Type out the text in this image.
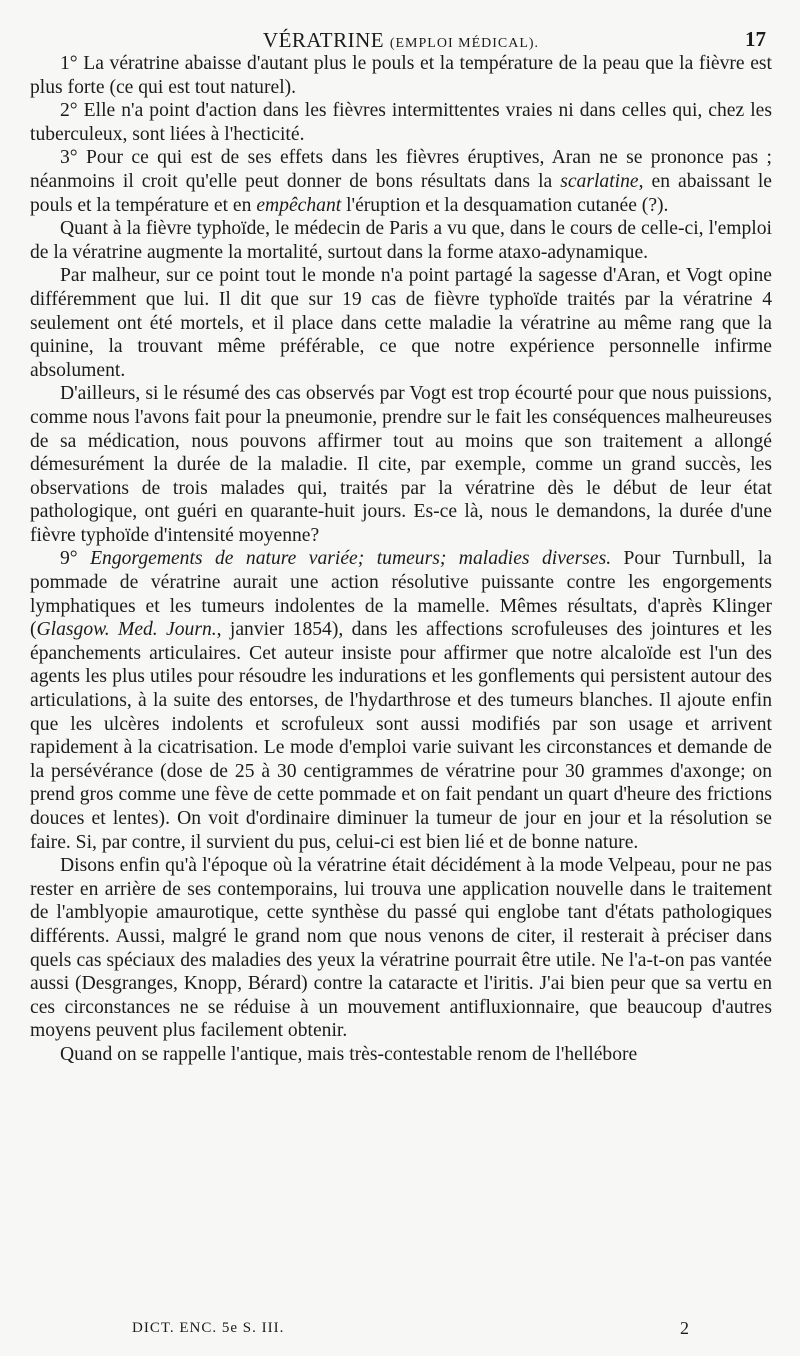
VÉRATRINE (EMPLOI MÉDICAL).	17

1° La vératrine abaisse d'autant plus le pouls et la température de la peau que la fièvre est plus forte (ce qui est tout naturel).

2° Elle n'a point d'action dans les fièvres intermittentes vraies ni dans celles qui, chez les tuberculeux, sont liées à l'hecticité.

3° Pour ce qui est de ses effets dans les fièvres éruptives, Aran ne se prononce pas ; néanmoins il croit qu'elle peut donner de bons résultats dans la scarlatine, en abaissant le pouls et la température et en empêchant l'éruption et la desquamation cutanée (?).

Quant à la fièvre typhoïde, le médecin de Paris a vu que, dans le cours de celle-ci, l'emploi de la vératrine augmente la mortalité, surtout dans la forme ataxo-adynamique.

Par malheur, sur ce point tout le monde n'a point partagé la sagesse d'Aran, et Vogt opine différemment que lui. Il dit que sur 19 cas de fièvre typhoïde traités par la vératrine 4 seulement ont été mortels, et il place dans cette maladie la vératrine au même rang que la quinine, la trouvant même préférable, ce que notre expérience personnelle infirme absolument.

D'ailleurs, si le résumé des cas observés par Vogt est trop écourté pour que nous puissions, comme nous l'avons fait pour la pneumonie, prendre sur le fait les conséquences malheureuses de sa médication, nous pouvons affirmer tout au moins que son traitement a allongé démesurément la durée de la maladie. Il cite, par exemple, comme un grand succès, les observations de trois malades qui, traités par la vératrine dès le début de leur état pathologique, ont guéri en quarante-huit jours. Es-ce là, nous le demandons, la durée d'une fièvre typhoïde d'intensité moyenne?

9° Engorgements de nature variée; tumeurs; maladies diverses. Pour Turnbull, la pommade de vératrine aurait une action résolutive puissante contre les engorgements lymphatiques et les tumeurs indolentes de la mamelle. Mêmes résultats, d'après Klinger (Glasgow. Med. Journ., janvier 1854), dans les affections scrofuleuses des jointures et les épanchements articulaires. Cet auteur insiste pour affirmer que notre alcaloïde est l'un des agents les plus utiles pour résoudre les indurations et les gonflements qui persistent autour des articulations, à la suite des entorses, de l'hydarthrose et des tumeurs blanches. Il ajoute enfin que les ulcères indolents et scrofuleux sont aussi modifiés par son usage et arrivent rapidement à la cicatrisation. Le mode d'emploi varie suivant les circonstances et demande de la persévérance (dose de 25 à 30 centigrammes de vératrine pour 30 grammes d'axonge; on prend gros comme une fève de cette pommade et on fait pendant un quart d'heure des frictions douces et lentes). On voit d'ordinaire diminuer la tumeur de jour en jour et la résolution se faire. Si, par contre, il survient du pus, celui-ci est bien lié et de bonne nature.

Disons enfin qu'à l'époque où la vératrine était décidément à la mode Velpeau, pour ne pas rester en arrière de ses contemporains, lui trouva une application nouvelle dans le traitement de l'amblyopie amaurotique, cette synthèse du passé qui englobe tant d'états pathologiques différents. Aussi, malgré le grand nom que nous venons de citer, il resterait à préciser dans quels cas spéciaux des maladies des yeux la vératrine pourrait être utile. Ne l'a-t-on pas vantée aussi (Desgranges, Knopp, Bérard) contre la cataracte et l'iritis. J'ai bien peur que sa vertu en ces circonstances ne se réduise à un mouvement antifluxionnaire, que beaucoup d'autres moyens peuvent plus facilement obtenir.

Quand on se rappelle l'antique, mais très-contestable renom de l'hellébore

DICT. ENC. 5e S. III.	2
